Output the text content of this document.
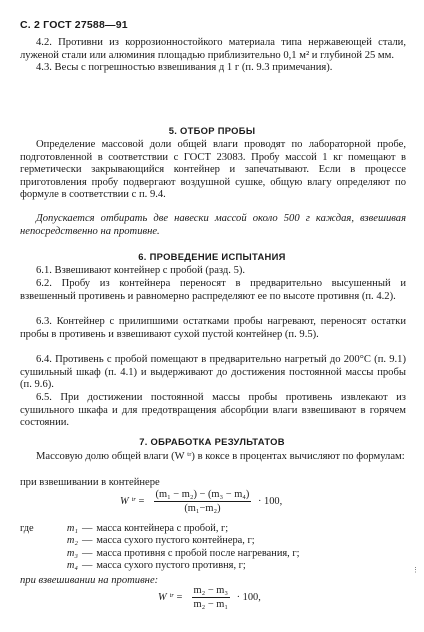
С. 2 ГОСТ 27588—91
4.2. Противни из коррозионностойкого материала типа нержавеющей стали, луженой стали или алюминия площадью приблизительно 0,1 м² и глубиной 25 мм.
4.3. Весы с погрешностью взвешивания д 1 г (п. 9.3 примечания).
5. ОТБОР ПРОБЫ
Определение массовой доли общей влаги проводят по лабораторной пробе, подготовленной в соответствии с ГОСТ 23083. Пробу массой 1 кг помещают в герметически закрывающийся контейнер и запечатывают. Если в процессе приготовления пробу подвергают воздушной сушке, общую влагу определяют по формуле в соответствии с п. 9.4.
Допускается отбирать две навески массой около 500 г каждая, взвешивая непосредственно на противне.
6. ПРОВЕДЕНИЕ ИСПЫТАНИЯ
6.1. Взвешивают контейнер с пробой (разд. 5).
6.2. Пробу из контейнера переносят в предварительно высушенный и взвешенный противень и равномерно распределяют ее по высоте противня (п. 4.2).
6.3. Контейнер с прилипшими остатками пробы нагревают, переносят остатки пробы в противень и взвешивают сухой пустой контейнер (п. 9.5).
6.4. Противень с пробой помещают в предварительно нагретый до 200°С (п. 9.1) сушильный шкаф (п. 4.1) и выдерживают до достижения постоянной массы пробы (п. 9.6).
6.5. При достижении постоянной массы пробы противень извлекают из сушильного шкафа и для предотвращения абсорбции влаги взвешивают в горячем состоянии.
7. ОБРАБОТКА РЕЗУЛЬТАТОВ
Массовую долю общей влаги (W ᵗʳ) в коксе в процентах вычисляют по формулам:
при взвешивании в контейнере
W ᵗʳ = $\frac{\text{(m₁ − m₂) − (m₃ − m₄)}}{\text{(m₁−m₂)}} \cdot 100$,
где	m₁ — масса контейнера с пробой, г;
m₂ — масса сухого пустого контейнера, г;
m₃ — масса противня с пробой после нагревания, г;
m₄ — масса сухого пустого противня, г;
при взвешивании на противне:
W ᵗʳ = $\frac{\text{m₂ − m₃}}{\text{m₂ − m₁}} \cdot 100$,
⋮
